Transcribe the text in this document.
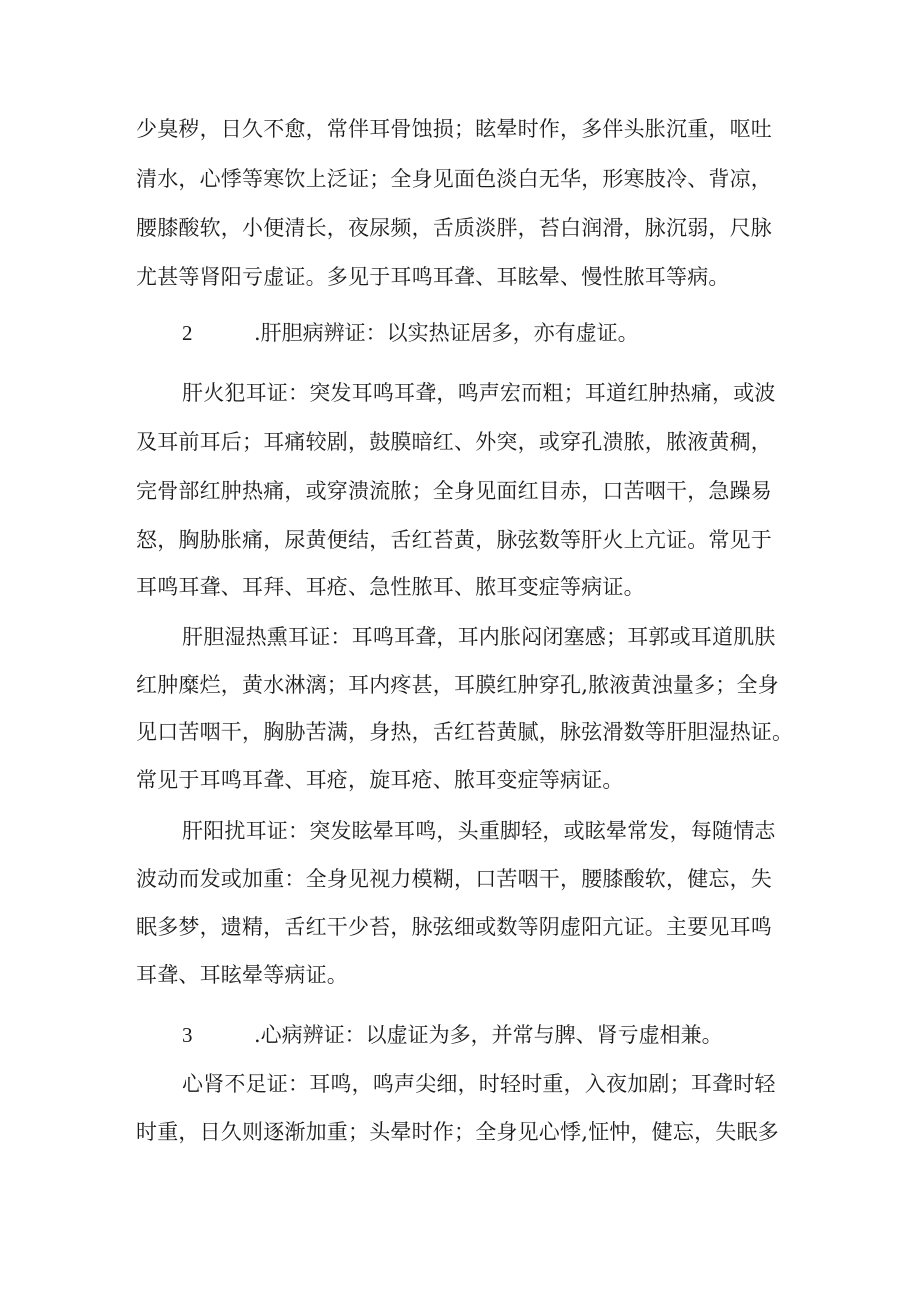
少臭秽，日久不愈，常伴耳骨蚀损；眩晕时作，多伴头胀沉重，呕吐
清水，心悸等寒饮上泛证；全身见面色淡白无华，形寒肢冷、背凉，
腰膝酸软，小便清长，夜尿频，舌质淡胖，苔白润滑，脉沉弱，尺脉
尤甚等肾阳亏虚证。多见于耳鸣耳聋、耳眩晕、慢性脓耳等病。
2	.肝胆病辨证：以实热证居多，亦有虚证。
肝火犯耳证：突发耳鸣耳聋，鸣声宏而粗；耳道红肿热痛，或波
及耳前耳后；耳痛较剧，鼓膜暗红、外突，或穿孔溃脓，脓液黄稠，
完骨部红肿热痛，或穿溃流脓；全身见面红目赤，口苦咽干，急躁易
怒，胸胁胀痛，尿黄便结，舌红苔黄，脉弦数等肝火上亢证。常见于
耳鸣耳聋、耳拜、耳疮、急性脓耳、脓耳变症等病证。
肝胆湿热熏耳证：耳鸣耳聋，耳内胀闷闭塞感；耳郭或耳道肌肤
红肿糜烂，黄水淋漓；耳内疼甚，耳膜红肿穿孔,脓液黄浊量多；全身
见口苦咽干，胸胁苦满，身热，舌红苔黄腻，脉弦滑数等肝胆湿热证。
常见于耳鸣耳聋、耳疮，旋耳疮、脓耳变症等病证。
肝阳扰耳证：突发眩晕耳鸣，头重脚轻，或眩晕常发，每随情志
波动而发或加重：全身见视力模糊，口苦咽干，腰膝酸软，健忘，失
眠多梦，遗精，舌红干少苔，脉弦细或数等阴虚阳亢证。主要见耳鸣
耳聋、耳眩晕等病证。
3	.心病辨证：以虚证为多，并常与脾、肾亏虚相兼。
心肾不足证：耳鸣，鸣声尖细，时轻时重，入夜加剧；耳聋时轻
时重，日久则逐渐加重；头晕时作；全身见心悸,怔忡，健忘，失眠多
